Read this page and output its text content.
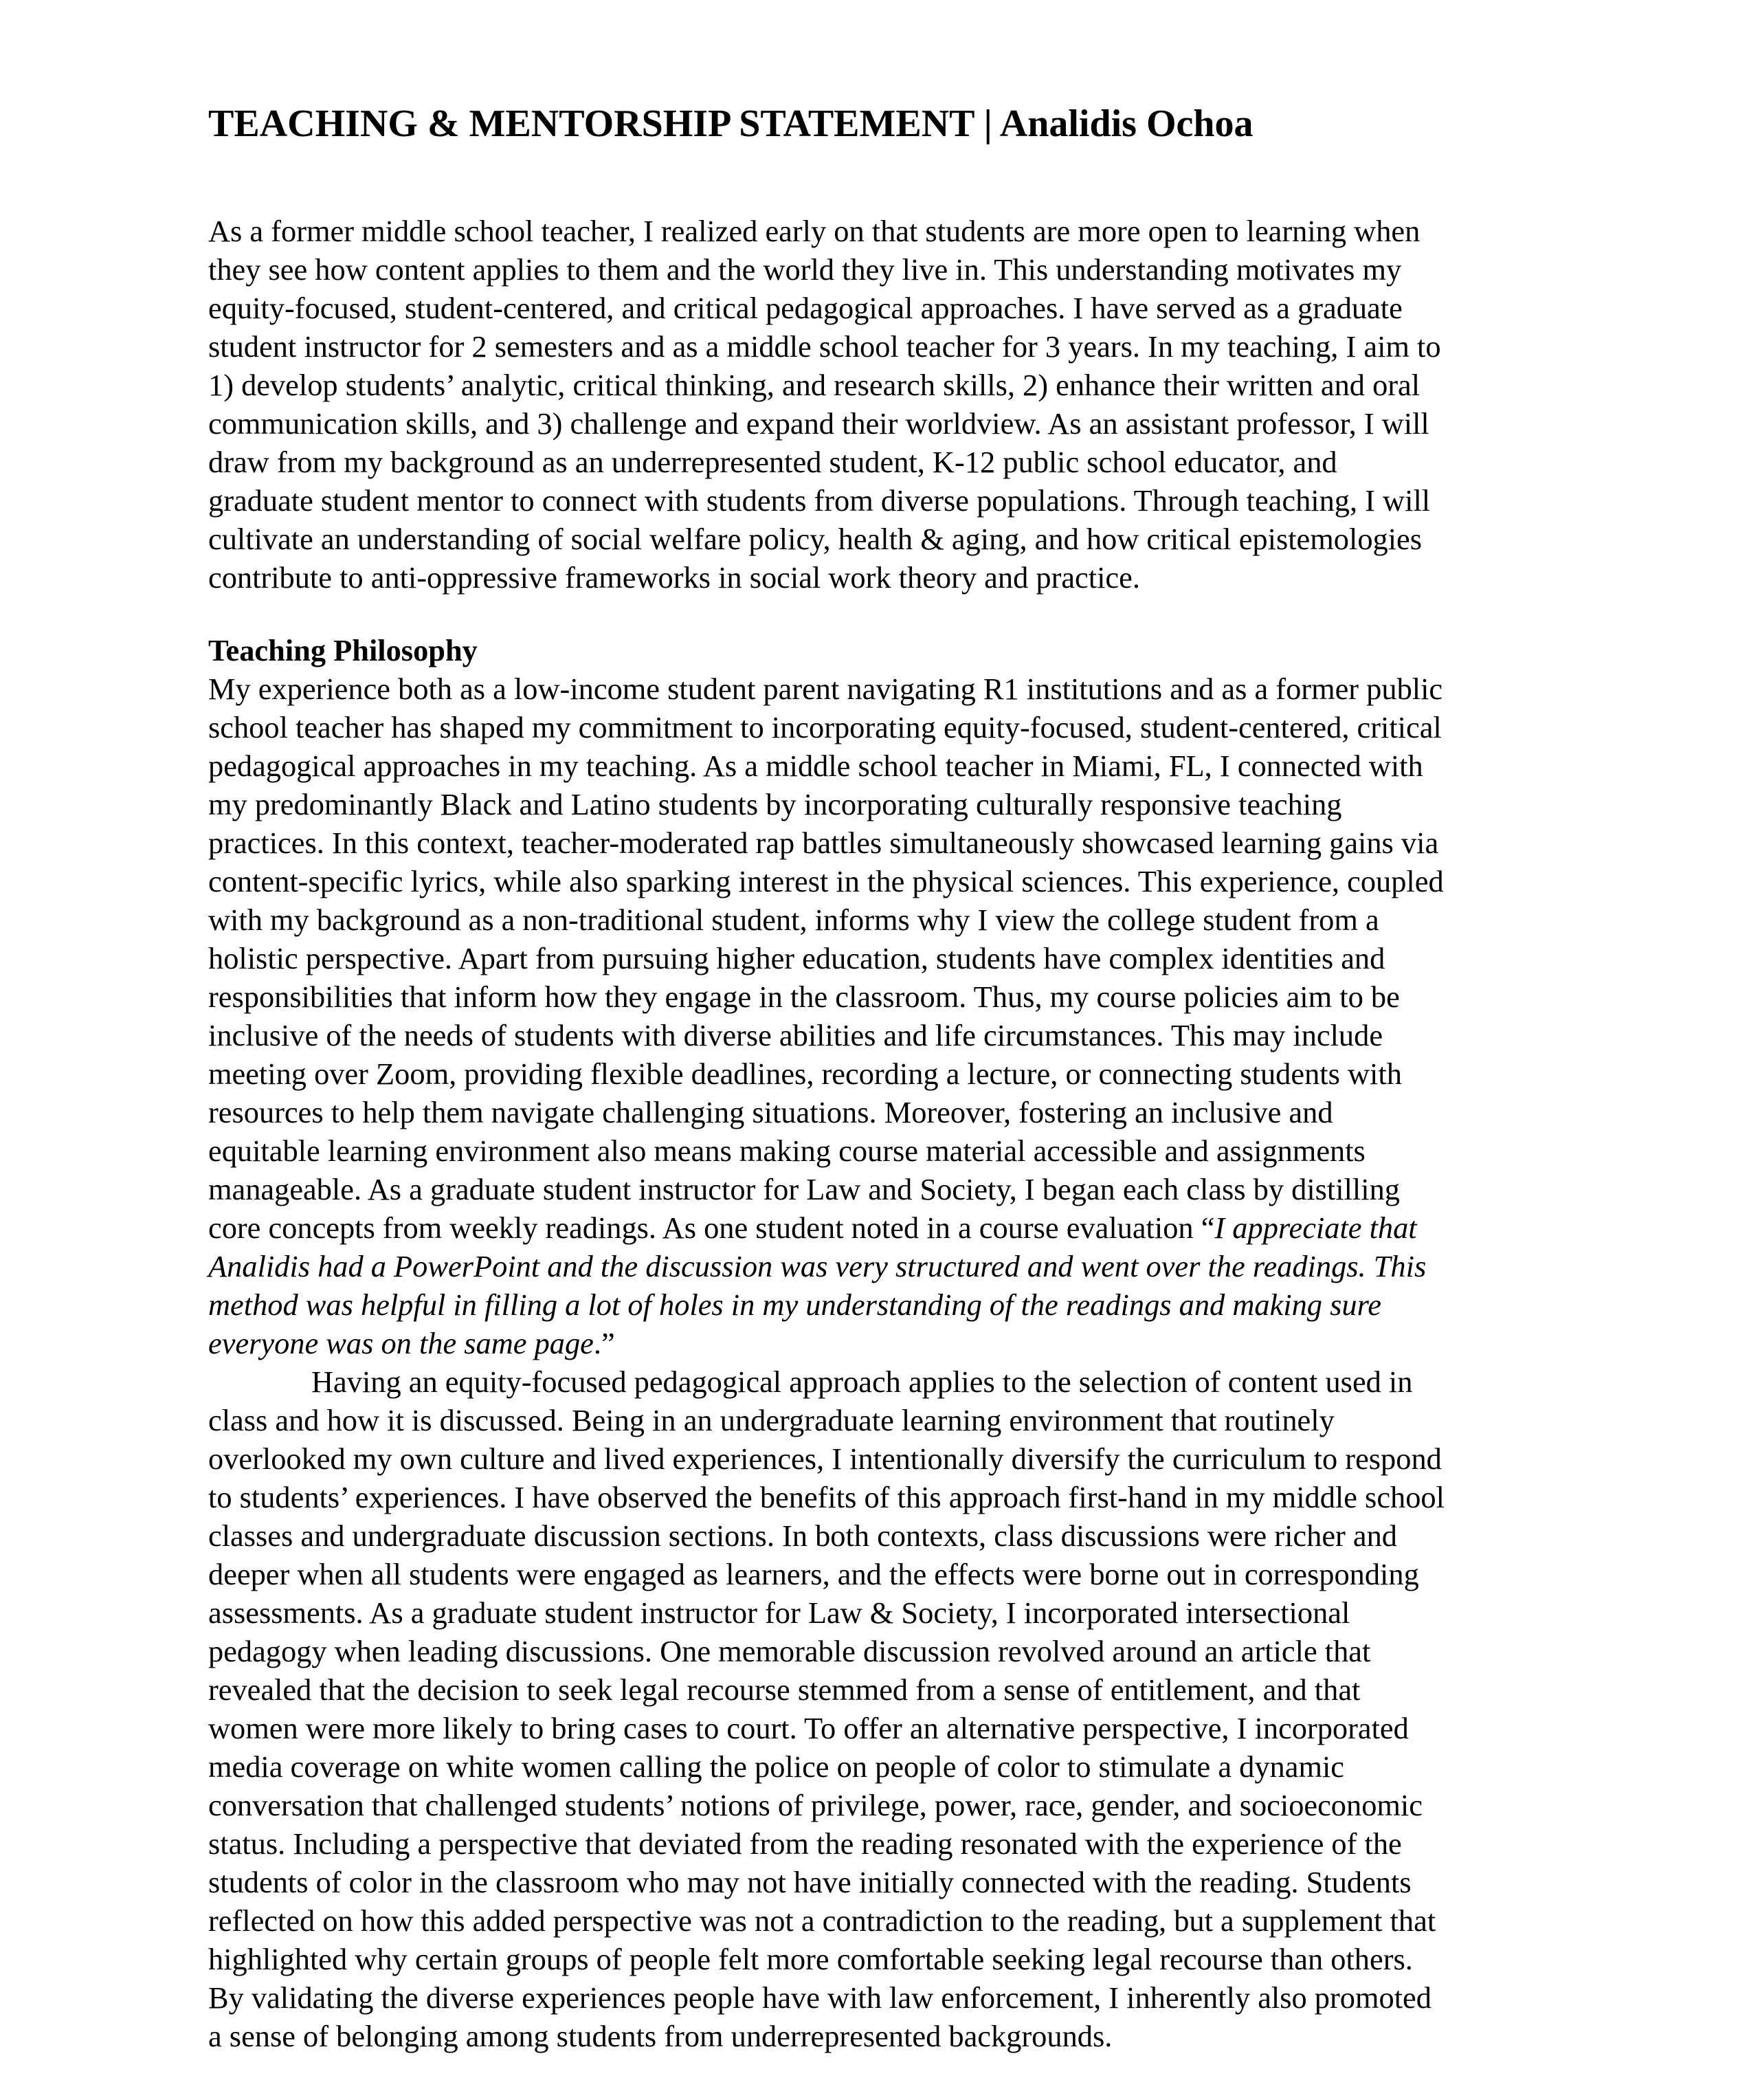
TEACHING & MENTORSHIP STATEMENT | Analidis Ochoa

As a former middle school teacher, I realized early on that students are more open to learning when

they see how content applies to them and the world they live in. This understanding motivates my

equity-focused, student-centered, and critical pedagogical approaches. I have served as a graduate

student instructor for 2 semesters and as a middle school teacher for 3 years. In my teaching, I aim to

1) develop students’ analytic, critical thinking, and research skills, 2) enhance their written and oral

communication skills, and 3) challenge and expand their worldview. As an assistant professor, I will

draw from my background as an underrepresented student, K-12 public school educator, and

graduate student mentor to connect with students from diverse populations. Through teaching, I will

cultivate an understanding of social welfare policy, health & aging, and how critical epistemologies

contribute to anti-oppressive frameworks in social work theory and practice.

Teaching Philosophy

My experience both as a low-income student parent navigating R1 institutions and as a former public

school teacher has shaped my commitment to incorporating equity-focused, student-centered, critical

pedagogical approaches in my teaching. As a middle school teacher in Miami, FL, I connected with

my predominantly Black and Latino students by incorporating culturally responsive teaching

practices. In this context, teacher-moderated rap battles simultaneously showcased learning gains via

content-specific lyrics, while also sparking interest in the physical sciences. This experience, coupled

with my background as a non-traditional student, informs why I view the college student from a

holistic perspective. Apart from pursuing higher education, students have complex identities and

responsibilities that inform how they engage in the classroom. Thus, my course policies aim to be

inclusive of the needs of students with diverse abilities and life circumstances. This may include

meeting over Zoom, providing flexible deadlines, recording a lecture, or connecting students with

resources to help them navigate challenging situations. Moreover, fostering an inclusive and

equitable learning environment also means making course material accessible and assignments

manageable. As a graduate student instructor for Law and Society, I began each class by distilling

core concepts from weekly readings. As one student noted in a course evaluation “I appreciate that

Analidis had a PowerPoint and the discussion was very structured and went over the readings. This

method was helpful in filling a lot of holes in my understanding of the readings and making sure

everyone was on the same page.”

Having an equity-focused pedagogical approach applies to the selection of content used in

class and how it is discussed. Being in an undergraduate learning environment that routinely

overlooked my own culture and lived experiences, I intentionally diversify the curriculum to respond

to students’ experiences. I have observed the benefits of this approach first-hand in my middle school

classes and undergraduate discussion sections. In both contexts, class discussions were richer and

deeper when all students were engaged as learners, and the effects were borne out in corresponding

assessments. As a graduate student instructor for Law & Society, I incorporated intersectional

pedagogy when leading discussions. One memorable discussion revolved around an article that

revealed that the decision to seek legal recourse stemmed from a sense of entitlement, and that

women were more likely to bring cases to court. To offer an alternative perspective, I incorporated

media coverage on white women calling the police on people of color to stimulate a dynamic

conversation that challenged students’ notions of privilege, power, race, gender, and socioeconomic

status. Including a perspective that deviated from the reading resonated with the experience of the

students of color in the classroom who may not have initially connected with the reading. Students

reflected on how this added perspective was not a contradiction to the reading, but a supplement that

highlighted why certain groups of people felt more comfortable seeking legal recourse than others.

By validating the diverse experiences people have with law enforcement, I inherently also promoted

a sense of belonging among students from underrepresented backgrounds.
